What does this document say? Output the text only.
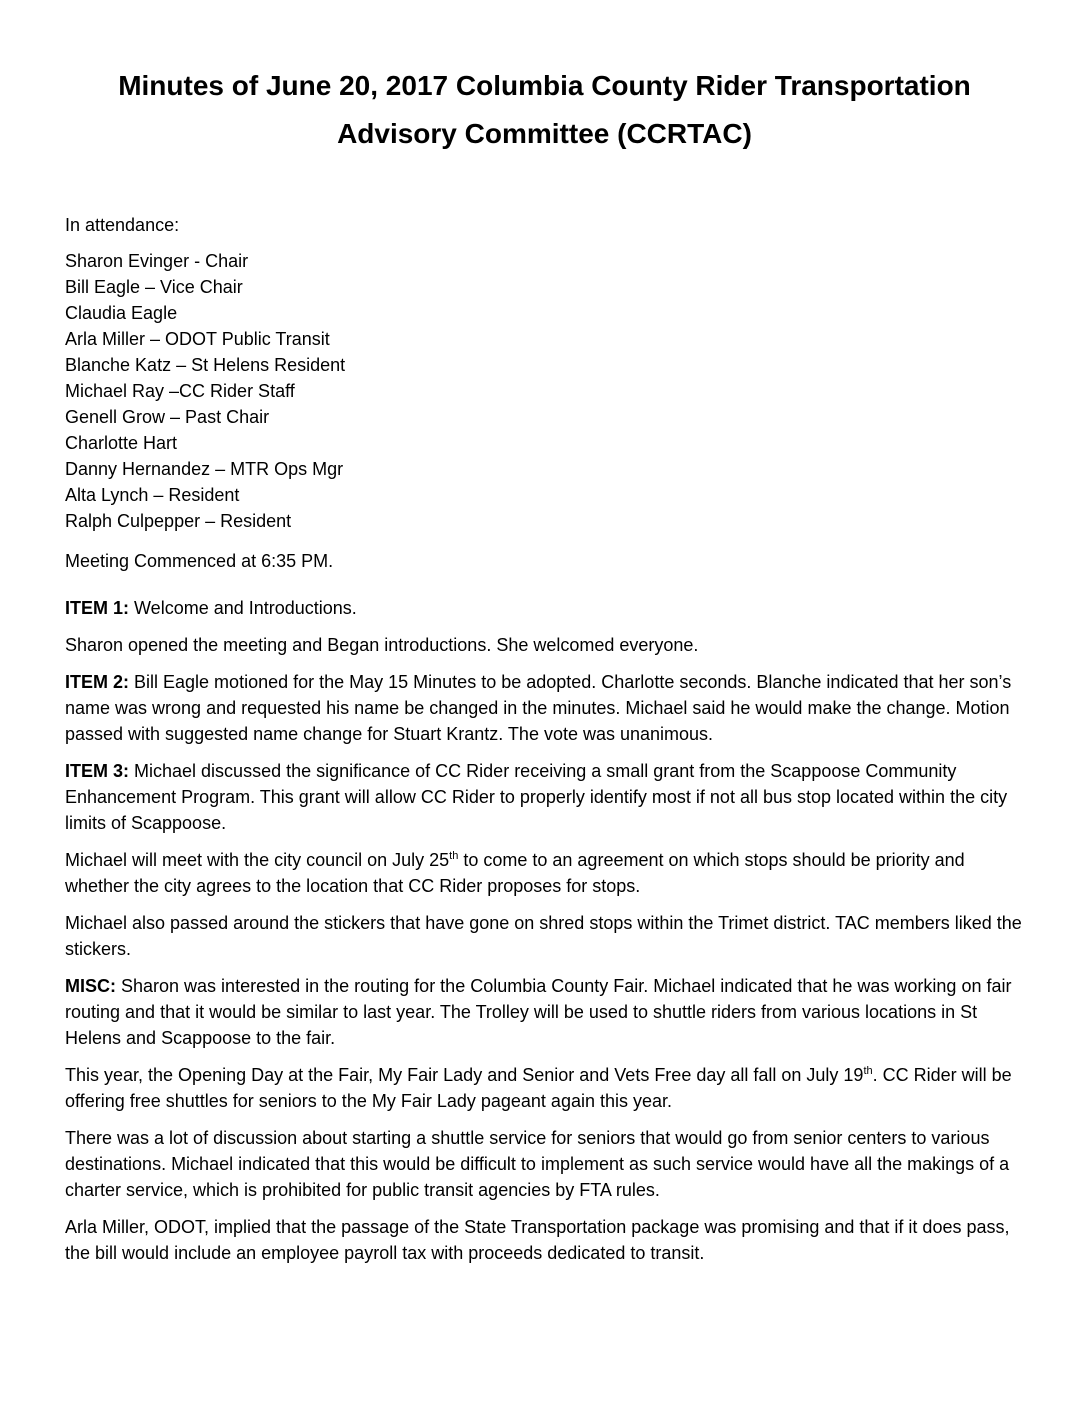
Minutes of June 20, 2017 Columbia County Rider Transportation
Advisory Committee (CCRTAC)

In attendance:

Sharon Evinger - Chair
Bill Eagle – Vice Chair
Claudia Eagle
Arla Miller – ODOT Public Transit
Blanche Katz – St Helens Resident
Michael Ray –CC Rider Staff
Genell Grow – Past Chair
Charlotte Hart
Danny Hernandez – MTR Ops Mgr
Alta Lynch – Resident
Ralph Culpepper – Resident

Meeting Commenced at 6:35 PM.

ITEM 1: Welcome and Introductions.

Sharon opened the meeting and Began introductions. She welcomed everyone.

ITEM 2: Bill Eagle motioned for the May 15 Minutes to be adopted. Charlotte seconds. Blanche indicated that her son’s name was wrong and requested his name be changed in the minutes. Michael said he would make the change. Motion passed with suggested name change for Stuart Krantz. The vote was unanimous.

ITEM 3: Michael discussed the significance of CC Rider receiving a small grant from the Scappoose Community Enhancement Program. This grant will allow CC Rider to properly identify most if not all bus stop located within the city limits of Scappoose.

Michael will meet with the city council on July 25th to come to an agreement on which stops should be priority and whether the city agrees to the location that CC Rider proposes for stops.

Michael also passed around the stickers that have gone on shred stops within the Trimet district. TAC members liked the stickers.

MISC: Sharon was interested in the routing for the Columbia County Fair. Michael indicated that he was working on fair routing and that it would be similar to last year. The Trolley will be used to shuttle riders from various locations in St Helens and Scappoose to the fair.

This year, the Opening Day at the Fair, My Fair Lady and Senior and Vets Free day all fall on July 19th. CC Rider will be offering free shuttles for seniors to the My Fair Lady pageant again this year.

There was a lot of discussion about starting a shuttle service for seniors that would go from senior centers to various destinations. Michael indicated that this would be difficult to implement as such service would have all the makings of a charter service, which is prohibited for public transit agencies by FTA rules.

Arla Miller, ODOT, implied that the passage of the State Transportation package was promising and that if it does pass, the bill would include an employee payroll tax with proceeds dedicated to transit.
